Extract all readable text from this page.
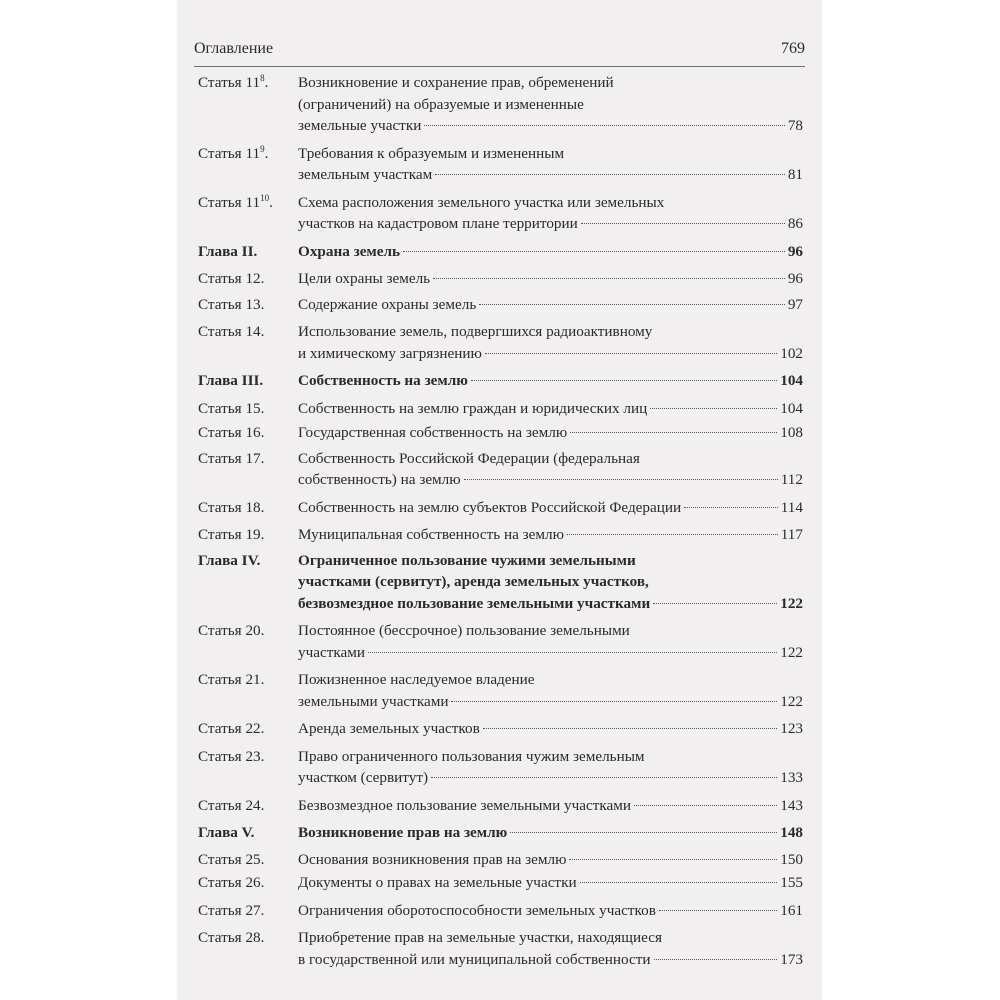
Оглавление	769
Статья $11^8$.	Возникновение и сохранение прав, обременений
(ограничений) на образуемые и измененные
земельные участки	78
Статья $11^9$.	Требования к образуемым и измененным
земельным участкам	81
Статья $11^{10}$.	Схема расположения земельного участка или земельных
участков на кадастровом плане территории	86
Глава II.	Охрана земель	96
Статья 12.	Цели охраны земель	96
Статья 13.	Содержание охраны земель	97
Статья 14.	Использование земель, подвергшихся радиоактивному
и химическому загрязнению	102
Глава III.	Собственность на землю	104
Статья 15.	Собственность на землю граждан и юридических лиц	104
Статья 16.	Государственная собственность на землю	108
Статья 17.	Собственность Российской Федерации (федеральная
собственность) на землю	112
Статья 18.	Собственность на землю субъектов Российской Федерации	114
Статья 19.	Муниципальная собственность на землю	117
Глава IV.	Ограниченное пользование чужими земельными
участками (сервитут), аренда земельных участков,
безвозмездное пользование земельными участками	122
Статья 20.	Постоянное (бессрочное) пользование земельными
участками	122
Статья 21.	Пожизненное наследуемое владение
земельными участками	122
Статья 22.	Аренда земельных участков	123
Статья 23.	Право ограниченного пользования чужим земельным
участком (сервитут)	133
Статья 24.	Безвозмездное пользование земельными участками	143
Глава V.	Возникновение прав на землю	148
Статья 25.	Основания возникновения прав на землю	150
Статья 26.	Документы о правах на земельные участки	155
Статья 27.	Ограничения оборотоспособности земельных участков	161
Статья 28.	Приобретение прав на земельные участки, находящиеся
в государственной или муниципальной собственности	173
